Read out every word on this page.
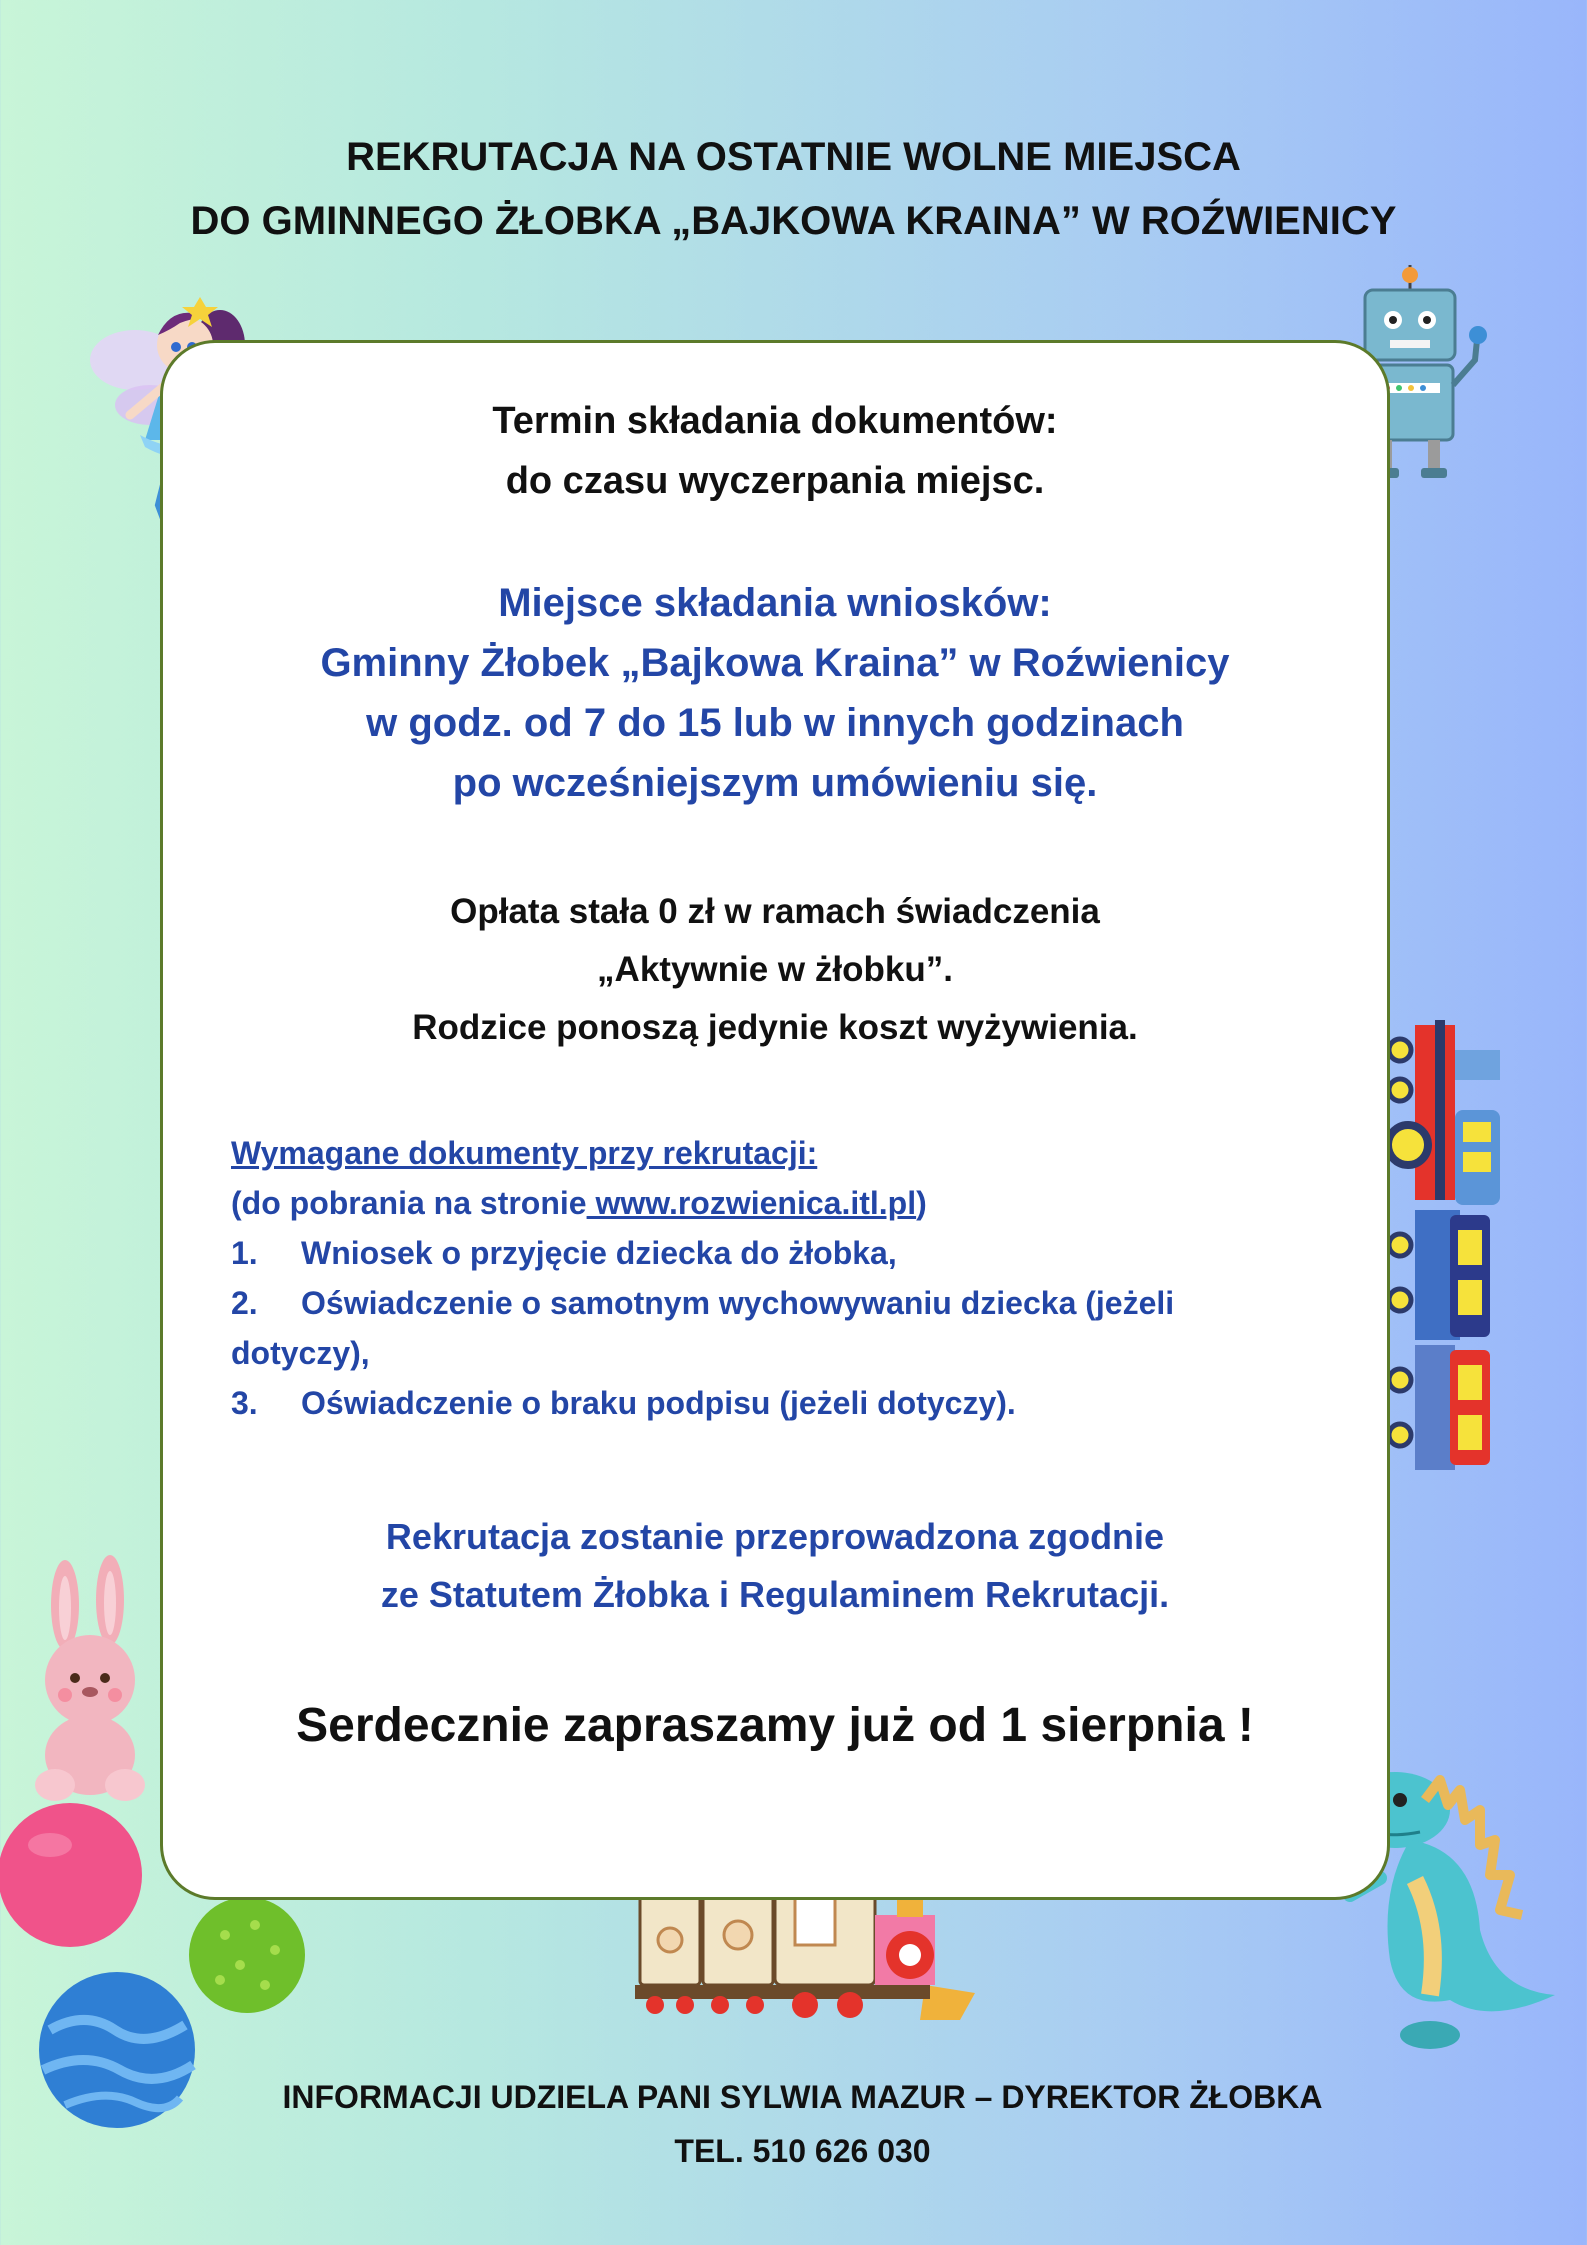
REKRUTACJA NA OSTATNIE WOLNE MIEJSCA
DO GMINNEGO ŻŁOBKA „BAJKOWA KRAINA” W ROŹWIENICY
Termin składania dokumentów:
do czasu wyczerpania miejsc.
Miejsce składania wniosków:
Gminny Żłobek „Bajkowa Kraina” w Roźwienicy
w godz. od 7 do 15 lub w innych godzinach
po wcześniejszym umówieniu się.
Opłata stała 0 zł w ramach świadczenia
„Aktywnie w żłobku”.
Rodzice ponoszą jedynie koszt wyżywienia.
Wymagane dokumenty przy rekrutacji:
(do pobrania na stronie www.rozwienica.itl.pl)
1. Wniosek o przyjęcie dziecka do żłobka,
2. Oświadczenie o samotnym wychowywaniu dziecka (jeżeli
dotyczy),
3. Oświadczenie o braku podpisu (jeżeli dotyczy).
Rekrutacja zostanie przeprowadzona zgodnie
ze Statutem Żłobka i Regulaminem Rekrutacji.
Serdecznie zapraszamy już od 1 sierpnia !
INFORMACJI UDZIELA PANI SYLWIA MAZUR – DYREKTOR ŻŁOBKA
TEL. 510 626 030
